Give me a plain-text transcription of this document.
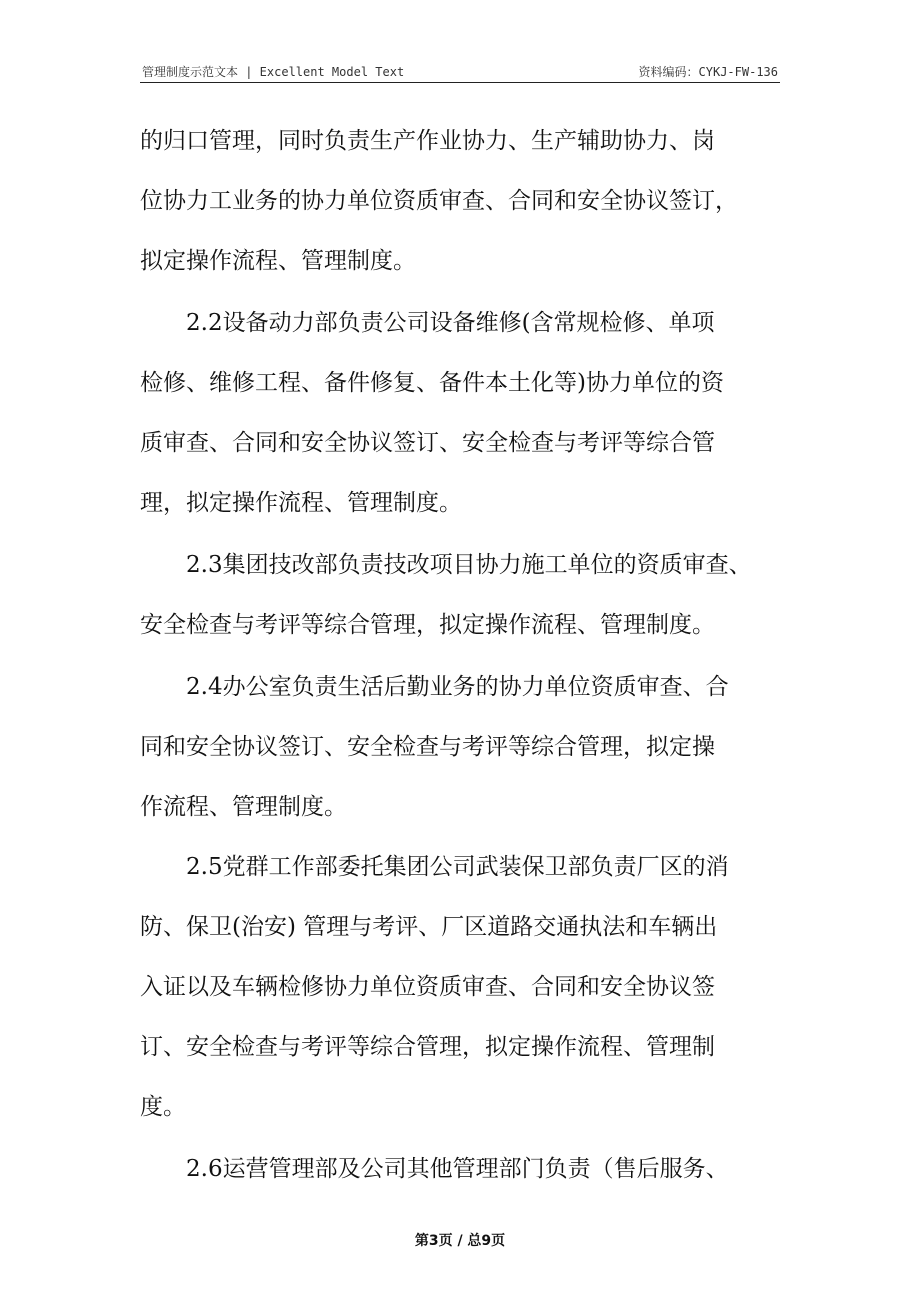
管理制度示范文本 | Excellent Model Text	资料编码：CYKJ-FW-136
的归口管理，同时负责生产作业协力、生产辅助协力、岗
位协力工业务的协力单位资质审查、合同和安全协议签订，
拟定操作流程、管理制度。
　　2.2设备动力部负责公司设备维修(含常规检修、单项
检修、维修工程、备件修复、备件本土化等)协力单位的资
质审查、合同和安全协议签订、安全检查与考评等综合管
理，拟定操作流程、管理制度。
　　2.3集团技改部负责技改项目协力施工单位的资质审查、
安全检查与考评等综合管理，拟定操作流程、管理制度。
　　2.4办公室负责生活后勤业务的协力单位资质审查、合
同和安全协议签订、安全检查与考评等综合管理，拟定操
作流程、管理制度。
　　2.5党群工作部委托集团公司武装保卫部负责厂区的消
防、保卫(治安) 管理与考评、厂区道路交通执法和车辆出
入证以及车辆检修协力单位资质审查、合同和安全协议签
订、安全检查与考评等综合管理，拟定操作流程、管理制
度。
　　2.6运营管理部及公司其他管理部门负责（售后服务、
第3页 / 总9页
